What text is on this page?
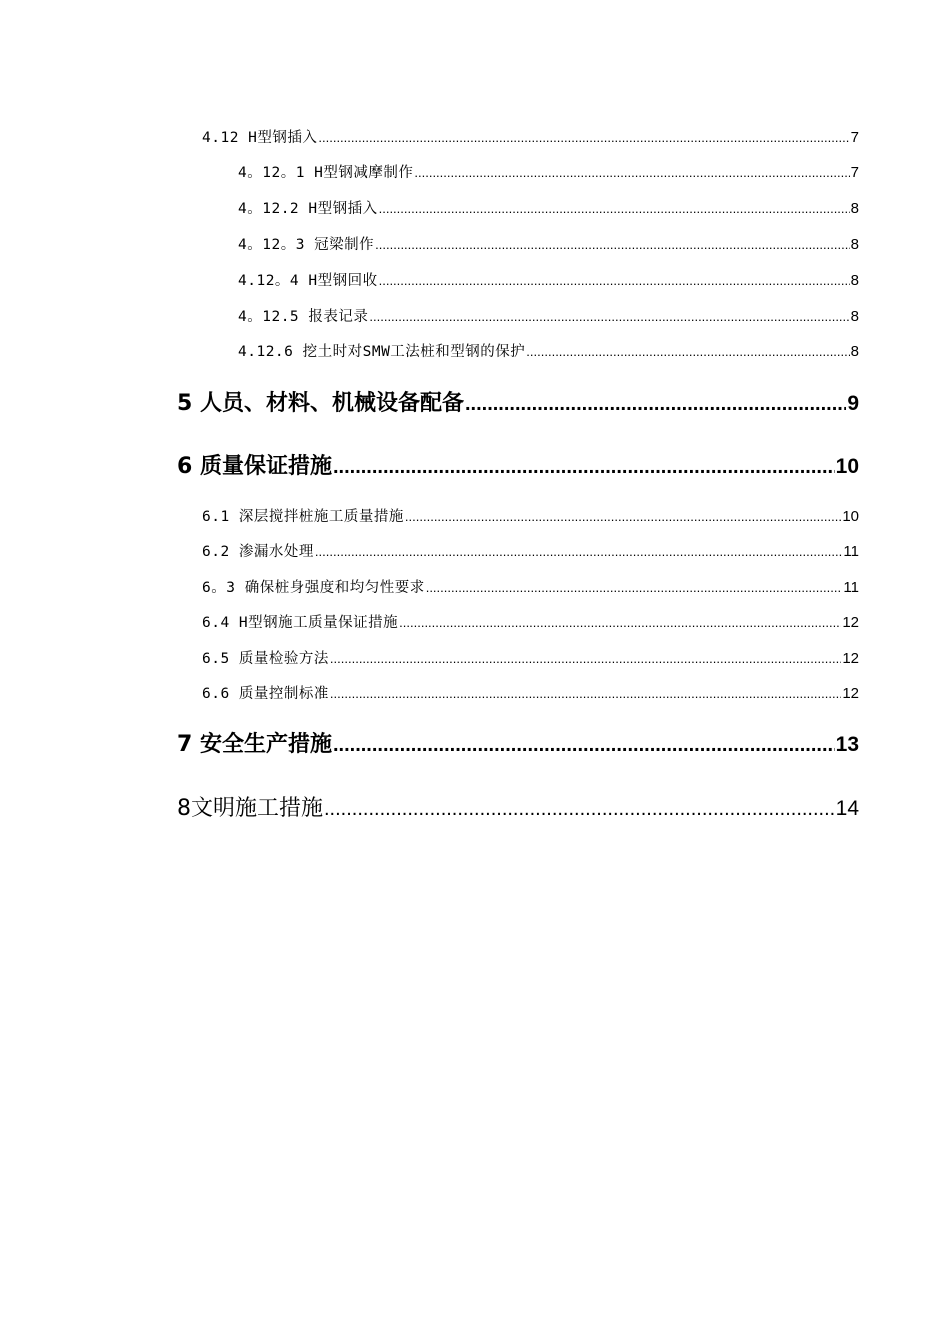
4.12 H型钢插入 .....	7
4。12。1 H型钢减摩制作 .....	7
4。12.2 H型钢插入 .....	8
4。12。3 冠梁制作 .....	8
4.12。4 H型钢回收 .....	8
4。12.5 报表记录 .....	8
4.12.6 挖土时对SMW工法桩和型钢的保护 .....	8
5 人员、材料、机械设备配备 .....	9
6 质量保证措施 .....	10
6.1 深层搅拌桩施工质量措施 .....	10
6.2 渗漏水处理 .....	11
6。3 确保桩身强度和均匀性要求 .....	11
6.4 H型钢施工质量保证措施 .....	12
6.5 质量检验方法 .....	12
6.6 质量控制标准 .....	12
7 安全生产措施 .....	13
8文明施工措施 .....	14
